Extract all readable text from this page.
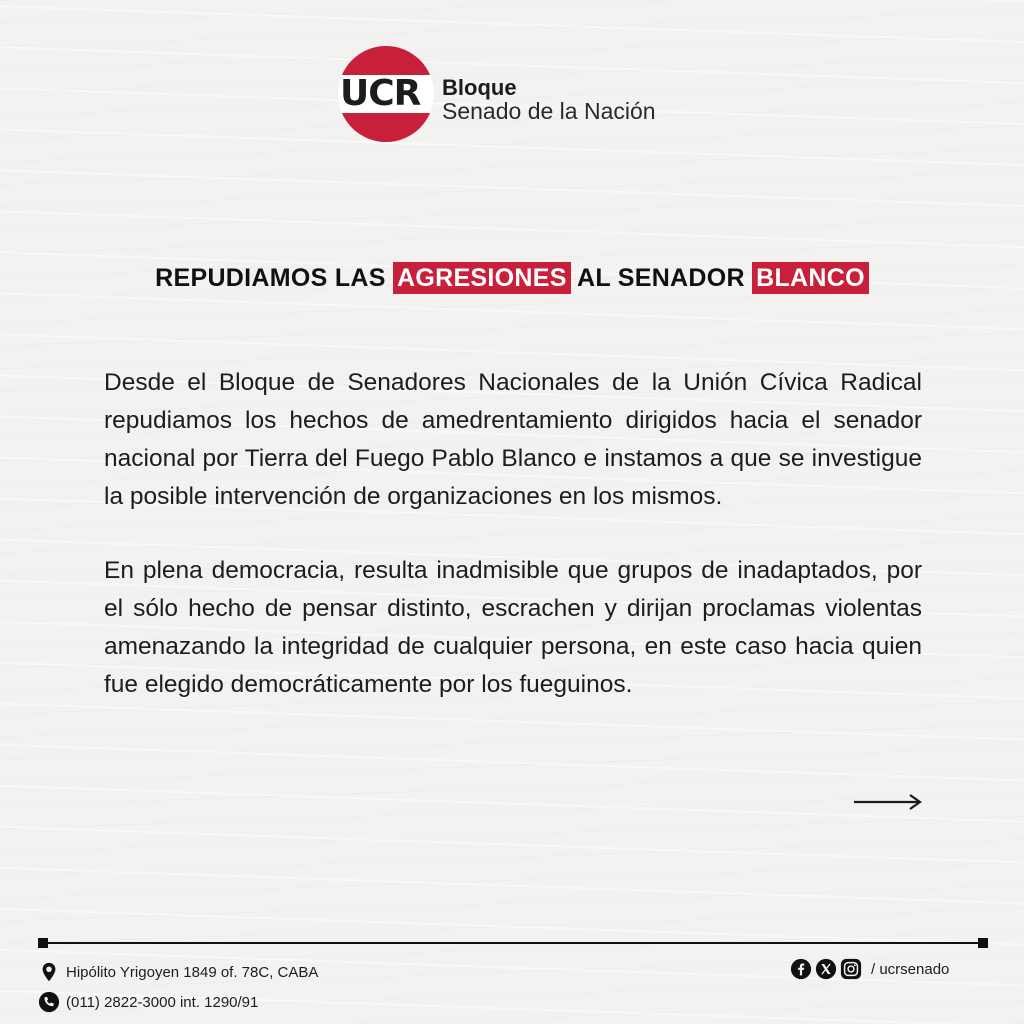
UCR Bloque
Senado de la Nación
REPUDIAMOS LAS AGRESIONES AL SENADOR BLANCO

Desde el Bloque de Senadores Nacionales de la Unión Cívica Radical repudiamos los hechos de amedrentamiento dirigidos hacia el senador nacional por Tierra del Fuego Pablo Blanco e instamos a que se investigue la posible intervención de organizaciones en los mismos.

En plena democracia, resulta inadmisible que grupos de inadaptados, por el sólo hecho de pensar distinto, escrachen y dirijan proclamas violentas amenazando la integridad de cualquier persona, en este caso hacia quien fue elegido democráticamente por los fueguinos.

Hipólito Yrigoyen 1849 of. 78C, CABA
(011) 2822-3000 int. 1290/91
/ ucrsenado
